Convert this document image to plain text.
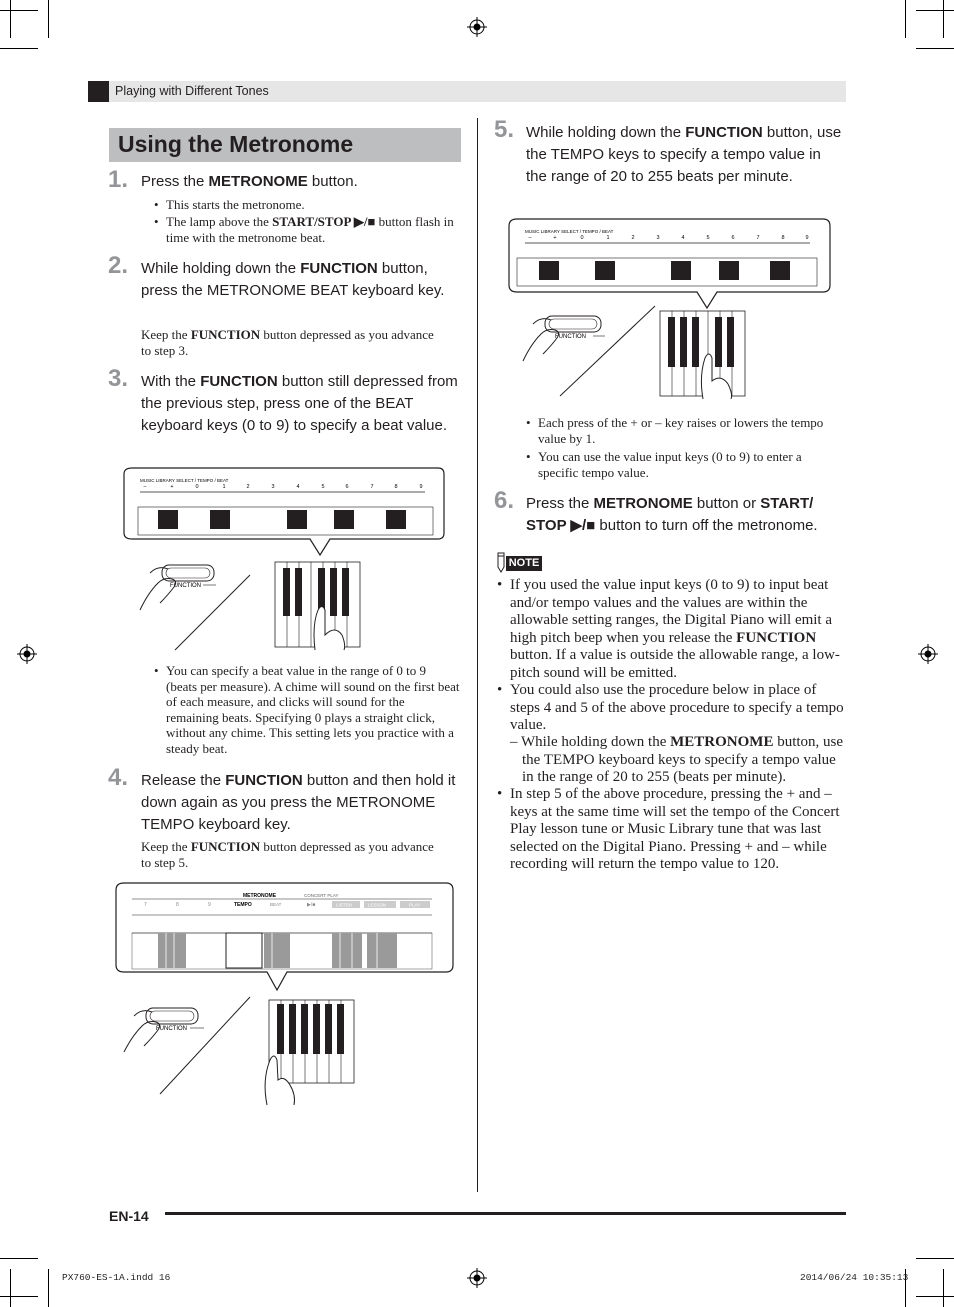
Playing with Different Tones
Using the Metronome
1. Press the METRONOME button.
• This starts the metronome.
• The lamp above the START/STOP ▶/■ button flash in time with the metronome beat.
2. While holding down the FUNCTION button, press the METRONOME BEAT keyboard key.
Keep the FUNCTION button depressed as you advance to step 3.
3. With the FUNCTION button still depressed from the previous step, press one of the BEAT keyboard keys (0 to 9) to specify a beat value.
MUSIC LIBRARY SELECT / TEMPO / BEAT
–	+	0	1	2	3	4	5	6	7	8	9
FUNCTION
• You can specify a beat value in the range of 0 to 9 (beats per measure). A chime will sound on the first beat of each measure, and clicks will sound for the remaining beats. Specifying 0 plays a straight click, without any chime. This setting lets you practice with a steady beat.
4. Release the FUNCTION button and then hold it down again as you press the METRONOME TEMPO keyboard key.
Keep the FUNCTION button depressed as you advance to step 5.
METRONOME	CONCERT PLAY
7	8	9	TEMPO	BEAT	▶/■	LISTEN	LESSON	PLAY
FUNCTION
5. While holding down the FUNCTION button, use the TEMPO keys to specify a tempo value in the range of 20 to 255 beats per minute.
MUSIC LIBRARY SELECT / TEMPO / BEAT
–	+	0	1	2	3	4	5	6	7	8	9
FUNCTION
• Each press of the + or – key raises or lowers the tempo value by 1.
• You can use the value input keys (0 to 9) to enter a specific tempo value.
6. Press the METRONOME button or START/ STOP ▶/■ button to turn off the metronome.
NOTE
• If you used the value input keys (0 to 9) to input beat and/or tempo values and the values are within the allowable setting ranges, the Digital Piano will emit a high pitch beep when you release the FUNCTION button. If a value is outside the allowable range, a low-pitch sound will be emitted.
• You could also use the procedure below in place of steps 4 and 5 of the above procedure to specify a tempo value.
– While holding down the METRONOME button, use the TEMPO keyboard keys to specify a tempo value in the range of 20 to 255 (beats per minute).
• In step 5 of the above procedure, pressing the + and – keys at the same time will set the tempo of the Concert Play lesson tune or Music Library tune that was last selected on the Digital Piano. Pressing + and – while recording will return the tempo value to 120.
EN-14
PX760-ES-1A.indd 16	2014/06/24 10:35:13
